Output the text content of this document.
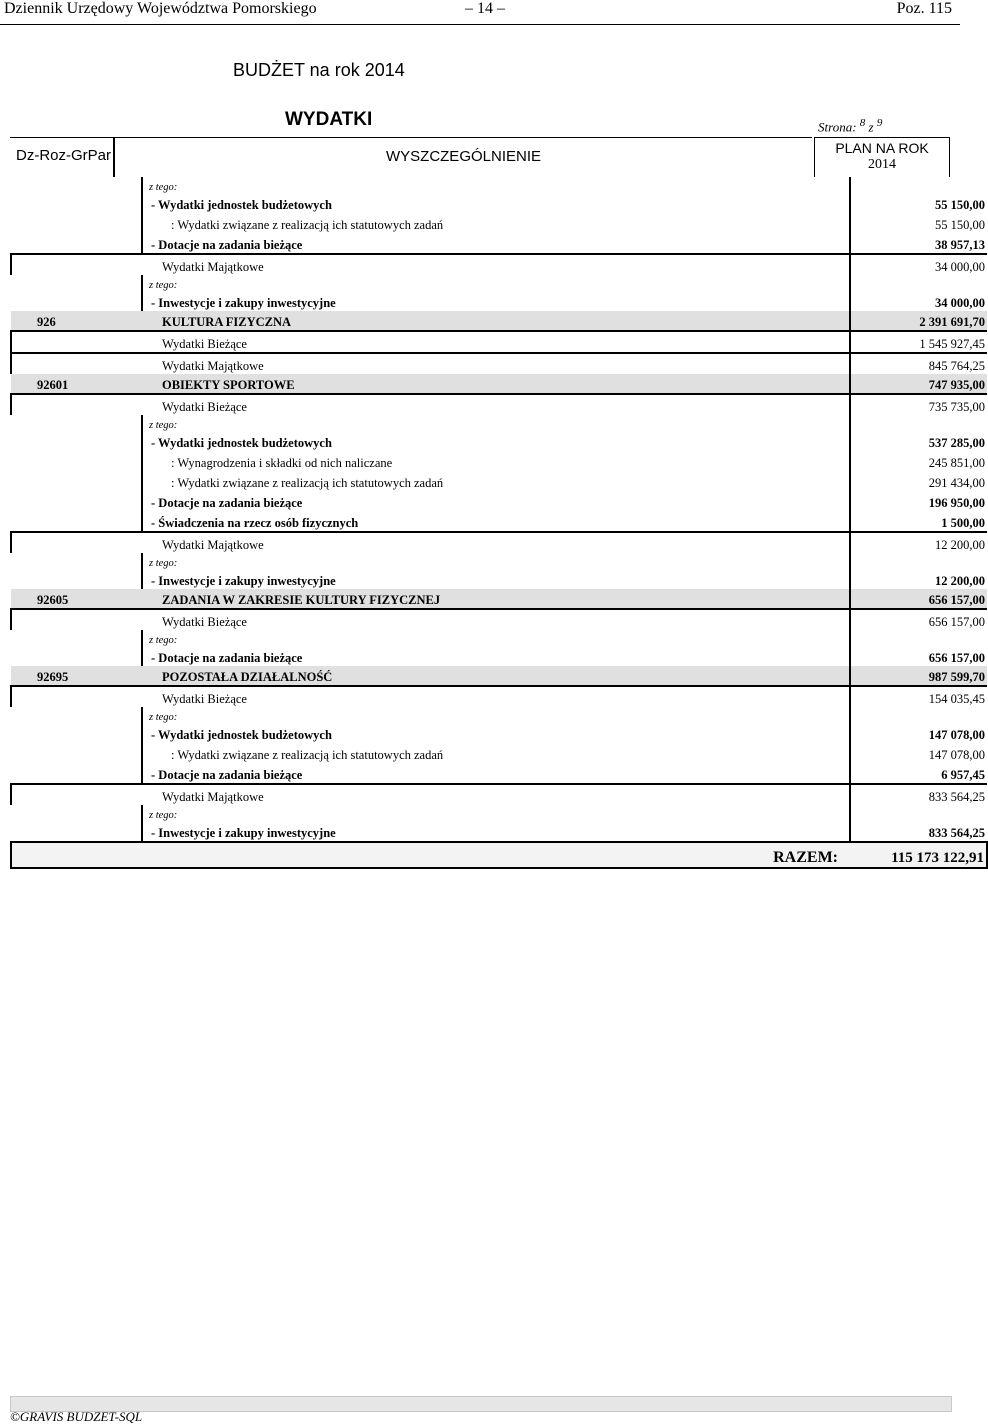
Dziennik Urzędowy Województwa Pomorskiego	– 14 –	Poz. 115
BUDŻET na rok 2014
WYDATKI	Strona: $^8$ z $^9$
Dz-Roz-GrPar	WYSZCZEGÓLNIENIE	PLAN NA ROK
2014
	z tego:	
	- Wydatki jednostek budżetowych	55 150,00
	: Wydatki związane z realizacją ich statutowych zadań	55 150,00
	- Dotacje na zadania bieżące	38 957,13
	Wydatki Majątkowe	34 000,00
	z tego:	
	- Inwestycje i zakupy inwestycyjne	34 000,00
926	KULTURA FIZYCZNA	2 391 691,70
	Wydatki Bieżące	1 545 927,45
	Wydatki Majątkowe	845 764,25
92601	OBIEKTY SPORTOWE	747 935,00
	Wydatki Bieżące	735 735,00
	z tego:	
	- Wydatki jednostek budżetowych	537 285,00
	: Wynagrodzenia i składki od nich naliczane	245 851,00
	: Wydatki związane z realizacją ich statutowych zadań	291 434,00
	- Dotacje na zadania bieżące	196 950,00
	- Świadczenia na rzecz osób fizycznych	1 500,00
	Wydatki Majątkowe	12 200,00
	z tego:	
	- Inwestycje i zakupy inwestycyjne	12 200,00
92605	ZADANIA W ZAKRESIE KULTURY FIZYCZNEJ	656 157,00
	Wydatki Bieżące	656 157,00
	z tego:	
	- Dotacje na zadania bieżące	656 157,00
92695	POZOSTAŁA DZIAŁALNOŚĆ	987 599,70
	Wydatki Bieżące	154 035,45
	z tego:	
	- Wydatki jednostek budżetowych	147 078,00
	: Wydatki związane z realizacją ich statutowych zadań	147 078,00
	- Dotacje na zadania bieżące	6 957,45
	Wydatki Majątkowe	833 564,25
	z tego:	
	- Inwestycje i zakupy inwestycyjne	833 564,25
	RAZEM:	115 173 122,91
©GRAVIS BUDZET-SQL
